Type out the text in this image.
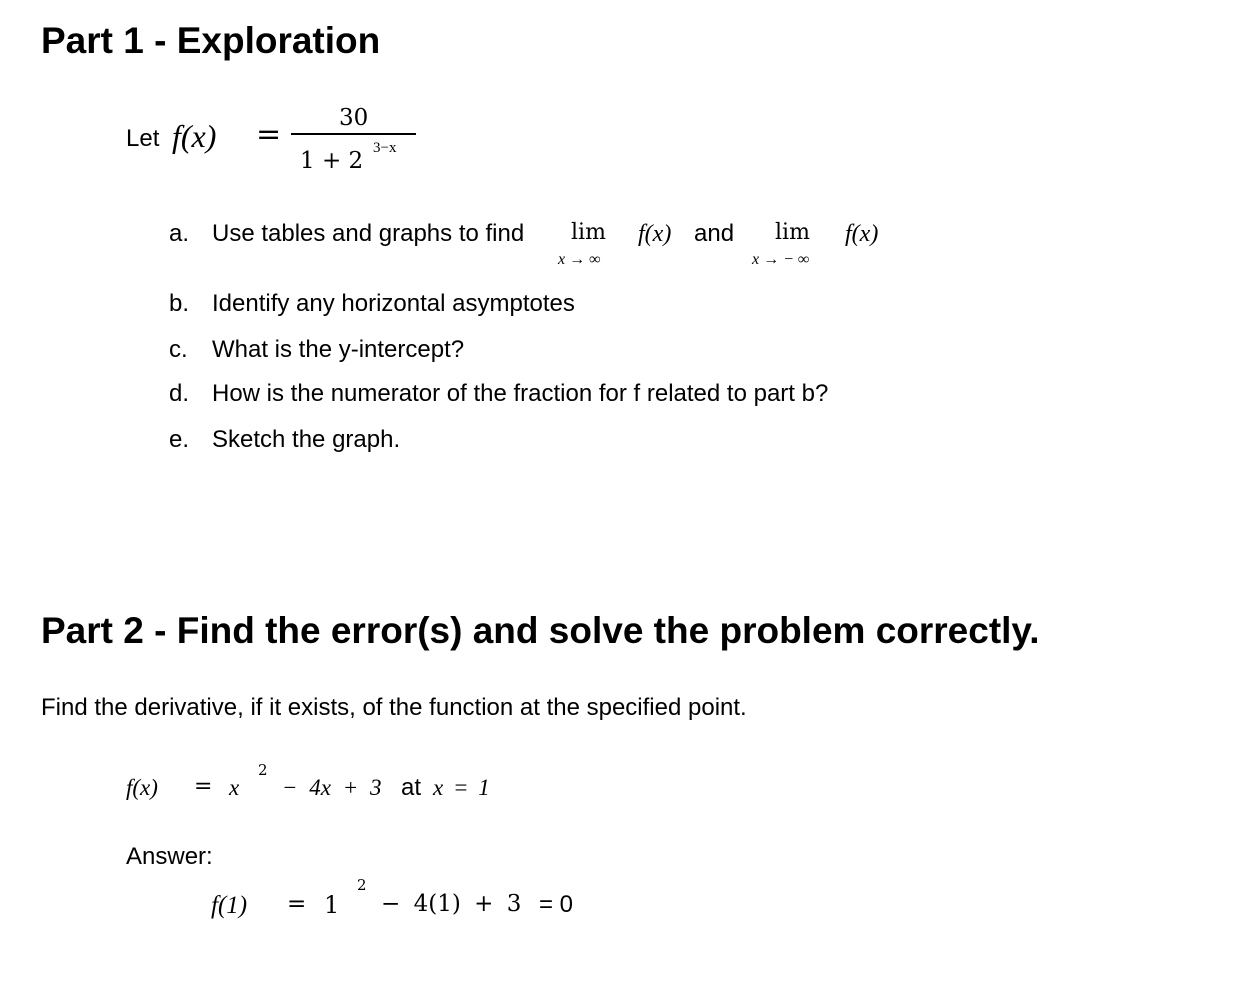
Part 1 - Exploration
Let f(x) =	30
1 + 2 3−x
a. Use tables and graphs to find lim
x → ∞
f(x) and lim
x → − ∞
f(x)
b. Identify any horizontal asymptotes
c. What is the y-intercept?
d. How is the numerator of the fraction for f related to part b?
e. Sketch the graph.
Part 2 - Find the error(s) and solve the problem correctly.
Find the derivative, if it exists, of the function at the specified point.
f(x) = x
2
− 4x + 3 at x = 1
Answer:
f(1) = 1
2
− 4(1) + 3 = 0
